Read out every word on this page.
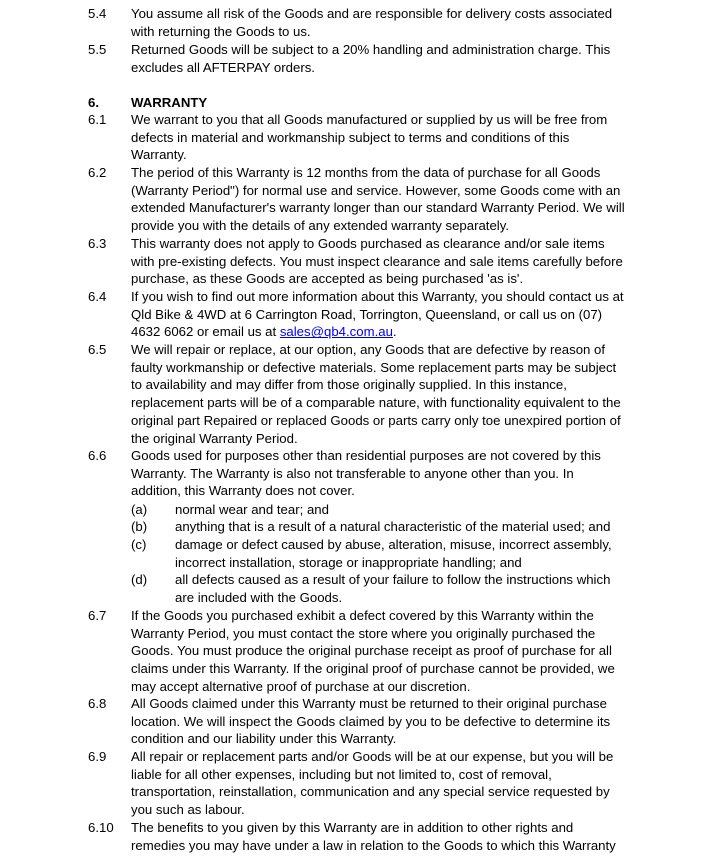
5.4 You assume all risk of the Goods and are responsible for delivery costs associated
with returning the Goods to us.
5.5 Returned Goods will be subject to a 20% handling and administration charge. This
excludes all AFTERPAY orders.
6. WARRANTY
6.1 We warrant to you that all Goods manufactured or supplied by us will be free from
defects in material and workmanship subject to terms and conditions of this
Warranty.
6.2 The period of this Warranty is 12 months from the data of purchase for all Goods
(Warranty Period") for normal use and service. However, some Goods come with an
extended Manufacturer's warranty longer than our standard Warranty Period. We will
provide you with the details of any extended warranty separately.
6.3 This warranty does not apply to Goods purchased as clearance and/or sale items
with pre-existing defects. You must inspect clearance and sale items carefully before
purchase, as these Goods are accepted as being purchased 'as is'.
6.4 If you wish to find out more information about this Warranty, you should contact us at
Qld Bike & 4WD at 6 Carrington Road, Torrington, Queensland, or call us on (07)
4632 6062 or email us at sales@qb4.com.au.
6.5 We will repair or replace, at our option, any Goods that are defective by reason of
faulty workmanship or defective materials. Some replacement parts may be subject
to availability and may differ from those originally supplied. In this instance,
replacement parts will be of a comparable nature, with functionality equivalent to the
original part Repaired or replaced Goods or parts carry only toe unexpired portion of
the original Warranty Period.
6.6 Goods used for purposes other than residential purposes are not covered by this
Warranty. The Warranty is also not transferable to anyone other than you. In
addition, this Warranty does not cover.
(a) normal wear and tear; and
(b) anything that is a result of a natural characteristic of the material used; and
(c) damage or defect caused by abuse, alteration, misuse, incorrect assembly,
incorrect installation, storage or inappropriate handling; and
(d) all defects caused as a result of your failure to follow the instructions which
are included with the Goods.
6.7 If the Goods you purchased exhibit a defect covered by this Warranty within the
Warranty Period, you must contact the store where you originally purchased the
Goods. You must produce the original purchase receipt as proof of purchase for all
claims under this Warranty. If the original proof of purchase cannot be provided, we
may accept alternative proof of purchase at our discretion.
6.8 All Goods claimed under this Warranty must be returned to their original purchase
location. We will inspect the Goods claimed by you to be defective to determine its
condition and our liability under this Warranty.
6.9 All repair or replacement parts and/or Goods will be at our expense, but you will be
liable for all other expenses, including but not limited to, cost of removal,
transportation, reinstallation, communication and any special service requested by
you such as labour.
6.10 The benefits to you given by this Warranty are in addition to other rights and
remedies you may have under a law in relation to the Goods to which this Warranty
